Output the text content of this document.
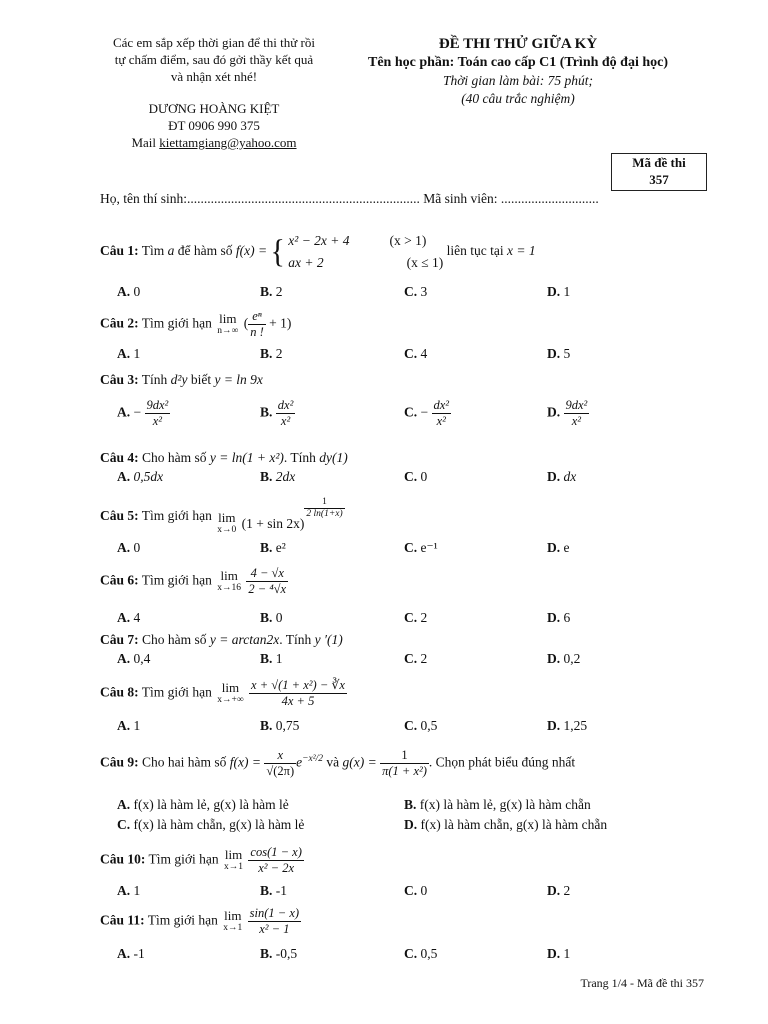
Các em sắp xếp thời gian để thi thử rồi
tự chấm điểm, sau đó gởi thầy kết quả
và nhận xét nhé!
DƯƠNG HOÀNG KIỆT
ĐT 0906 990 375
Mail kiettamgiang@yahoo.com
ĐỀ THI THỬ GIỮA KỲ
Tên học phần: Toán cao cấp C1 (Trình độ đại học)
Thời gian làm bài: 75 phút;
(40 câu trắc nghiệm)
Mã đề thi
357
Họ, tên thí sinh:..................................................................... Mã sinh viên: .............................
Câu 1: Tìm a để hàm số f(x) = { x² − 2x + 4	(x > 1)
ax + 2	(x ≤ 1)
liên tục tại x = 1
A. 0	B. 2	C. 3	D. 1
Câu 2: Tìm giới hạn lim
n→∞ ( $\frac{\text{eⁿ}}{n !} + 1$)
A. 1	B. 2	C. 4	D. 5
Câu 3: Tính d²y biết y = ln 9x
A. − $\frac{\text{9dx²}}{\text{x²}}$	B. $\frac{\text{dx²}}{\text{x²}}$	C. − $\frac{\text{dx²}}{\text{x²}}$	D. $\frac{\text{9dx²}}{\text{x²}}$
Câu 4: Cho hàm số y = ln(1 + x²). Tính dy(1)
A. 0,5dx	B. 2dx	C. 0	D. dx
Câu 5: Tìm giới hạn lim
x→0 (1 + sin 2x)
$\frac{1}{2 \ln(1+x)}$
A. 0	B. e²	C. e⁻¹	D. e
Câu 6: Tìm giới hạn lim
x→16
$\frac{4 - √x}{\text{2 − ⁴√x}}$
A. 4	B. 0	C. 2	D. 6
Câu 7: Cho hàm số y = arctan2x. Tính y ′(1)
A. 0,4	B. 1	C. 2	D. 0,2
Câu 8: Tìm giới hạn lim
x→+∞
$\frac{\text{x + √(1 + x²) − ∛x}}{4x + 5}$
A. 1	B. 0,75	C. 0,5	D. 1,25
Câu 9: Cho hai hàm số $f(x) = \frac{x}{√(2\pi)} e^{-x^2/2}$ và $g(x) = \frac{1}{\text{π(1 + x²)}}$ . Chọn phát biểu đúng nhất
A. f(x) là hàm lẻ, g(x) là hàm lẻ	B. f(x) là hàm lẻ, g(x) là hàm chẵn
C. f(x) là hàm chẵn, g(x) là hàm lẻ	D. f(x) là hàm chẵn, g(x) là hàm chẵn
Câu 10: Tìm giới hạn lim
x→1
$\frac{\cos(1 - x)}{\text{x² − 2x}}$
A. 1	B. -1	C. 0	D. 2
Câu 11: Tìm giới hạn lim
x→1
$\frac{\sin(1 - x)}{\text{x² − 1}}$
A. -1	B. -0,5	C. 0,5	D. 1
Trang 1/4 - Mã đề thi 357
